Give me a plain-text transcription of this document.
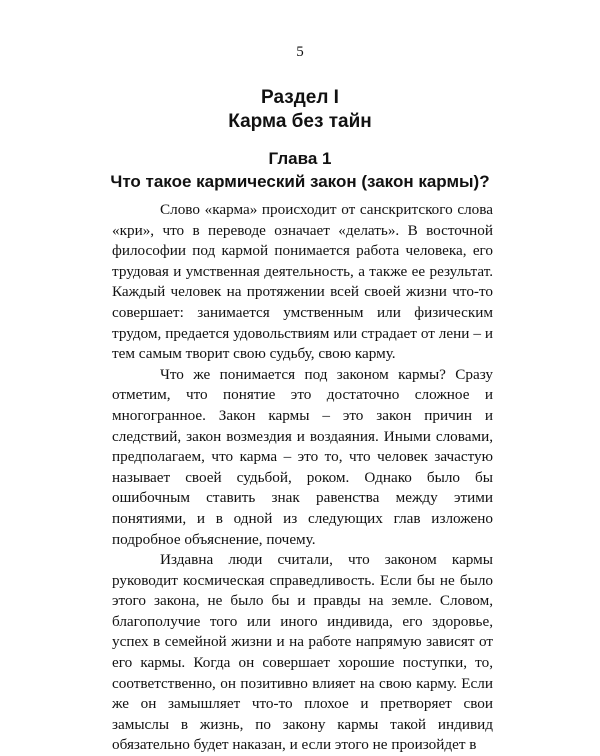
5
Раздел I
Карма без тайн
Глава 1
Что такое кармический закон (закон кармы)?

Слово «карма» происходит от санскритского слова «кри», что в переводе означает «делать». В восточной философии под кармой понимается работа человека, его трудовая и умственная деятельность, а также ее результат. Каждый человек на протяжении всей своей жизни что-то совершает: занимается умственным или физическим трудом, предается удовольствиям или страдает от лени – и тем самым творит свою судьбу, свою карму.

Что же понимается под законом кармы? Сразу отметим, что понятие это достаточно сложное и многогранное. Закон кармы – это закон причин и следствий, закон возмездия и воздаяния. Иными словами, предполагаем, что карма – это то, что человек зачастую называет своей судьбой, роком. Однако было бы ошибочным ставить знак равенства между этими понятиями, и в одной из следующих глав изложено подробное объяснение, почему.

Издавна люди считали, что законом кармы руководит космическая справедливость. Если бы не было этого закона, не было бы и правды на земле. Словом, благополучие того или иного индивида, его здоровье, успех в семейной жизни и на работе напрямую зависят от его кармы. Когда он совершает хорошие поступки, то, соответственно, он позитивно влияет на свою карму. Если же он замышляет что-то плохое и претворяет свои замыслы в жизнь, по закону кармы такой индивид обязательно будет наказан, и если этого не произойдет в
